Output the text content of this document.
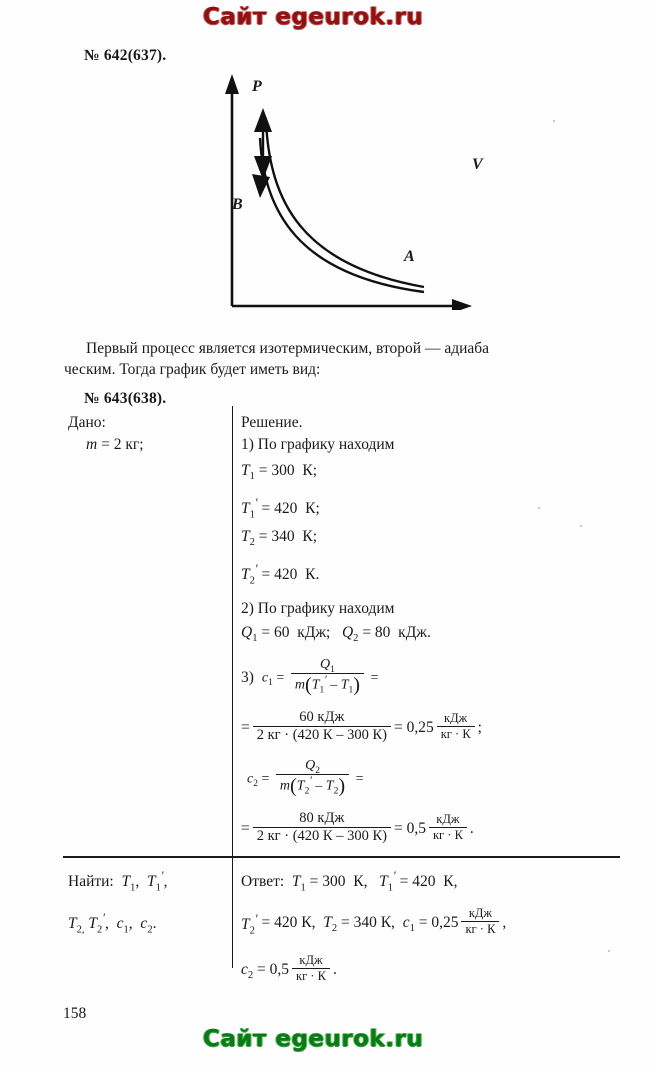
Сайт egeurok.ru
№ 642(637).
P
V
B
A
Первый процесс является изотермическим, второй — адиаба
ческим. Тогда график будет иметь вид:
№ 643(638).
Дано:
m = 2 кг;
Найти: $T_1$,  $T_1'$,
$T_{2,}$ $T_2'$,  $c_1$,  $c_2$.
Решение.
1) По графику находим
$T_1 = 300$  К;
$T_1' = 420$  К;
$T_2 = 340$  К;
$T_2' = 420$  К.
2) По графику находим
$Q_1 = 60$  кДж;   $Q_2 = 80$  кДж.
3) $c_1 = \frac{Q_1}{m(T_1' - T_1)}$ =
= $\frac{\text{60 кДж}}{2 кг \cdot (420 К - 300 К)} = 0,25 \frac{\text{кДж}}{кг \cdot К}$ ;
$c_2 = \frac{Q_2}{m(T_2' - T_2)}$ =
= $\frac{\text{80 кДж}}{2 кг \cdot (420 К - 300 К)} = 0,5 \frac{\text{кДж}}{кг \cdot К}$ .
Ответ: $T_1 = 300$ К, $T_1' = 420$ К,
$T_2' = 420$ К, $T_2 = 340$ К, $c_1 = 0,25 \frac{\text{кДж}}{кг \cdot К}$ ,
$c_2 = 0,5 \frac{\text{кДж}}{кг \cdot К}$ .
158
Сайт egeurok.ru
